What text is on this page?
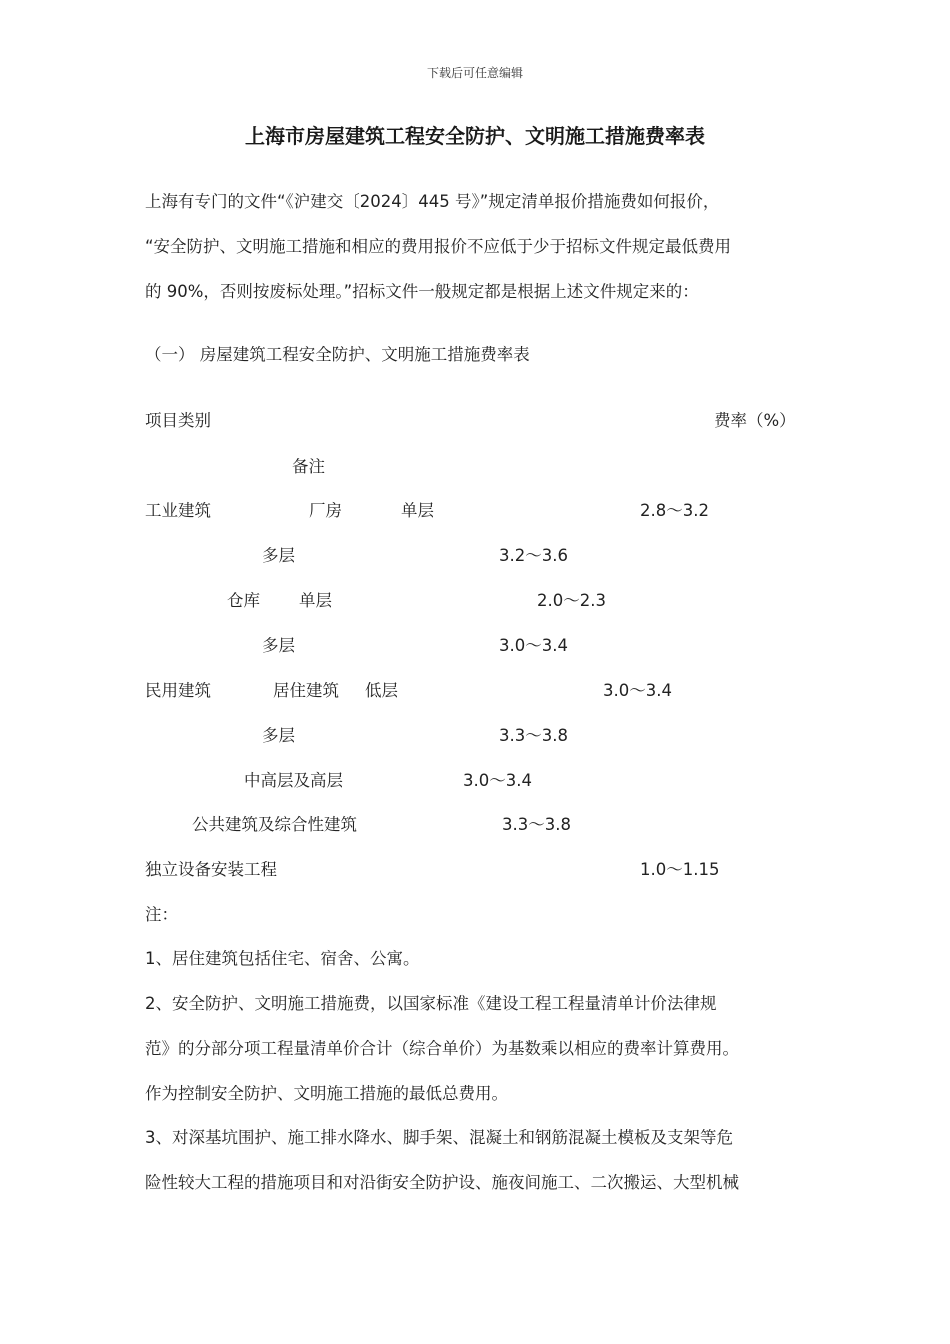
下载后可任意编辑
上海市房屋建筑工程安全防护、文明施工措施费率表
上海有专门的文件“《沪建交〔2024〕445 号》”规定清单报价措施费如何报价，
“安全防护、文明施工措施和相应的费用报价不应低于少于招标文件规定最低费用
的 90%，否则按废标处理。”招标文件一般规定都是根据上述文件规定来的：
（一） 房屋建筑工程安全防护、文明施工措施费率表
项目类别	费率（%）
备注
工业建筑	厂房	单层	2.8～3.2
多层	3.2～3.6
仓库 单层	2.0～2.3
多层	3.0～3.4
民用建筑	居住建筑 低层	3.0～3.4
多层	3.3～3.8
中高层及高层	3.0～3.4
公共建筑及综合性建筑	3.3～3.8
独立设备安装工程	1.0～1.15
注：
1、居住建筑包括住宅、宿舍、公寓。
2、安全防护、文明施工措施费，以国家标准《建设工程工程量清单计价法律规
范》的分部分项工程量清单价合计（综合单价）为基数乘以相应的费率计算费用。
作为控制安全防护、文明施工措施的最低总费用。
3、对深基坑围护、施工排水降水、脚手架、混凝土和钢筋混凝土模板及支架等危
险性较大工程的措施项目和对沿街安全防护设、施夜间施工、二次搬运、大型机械
